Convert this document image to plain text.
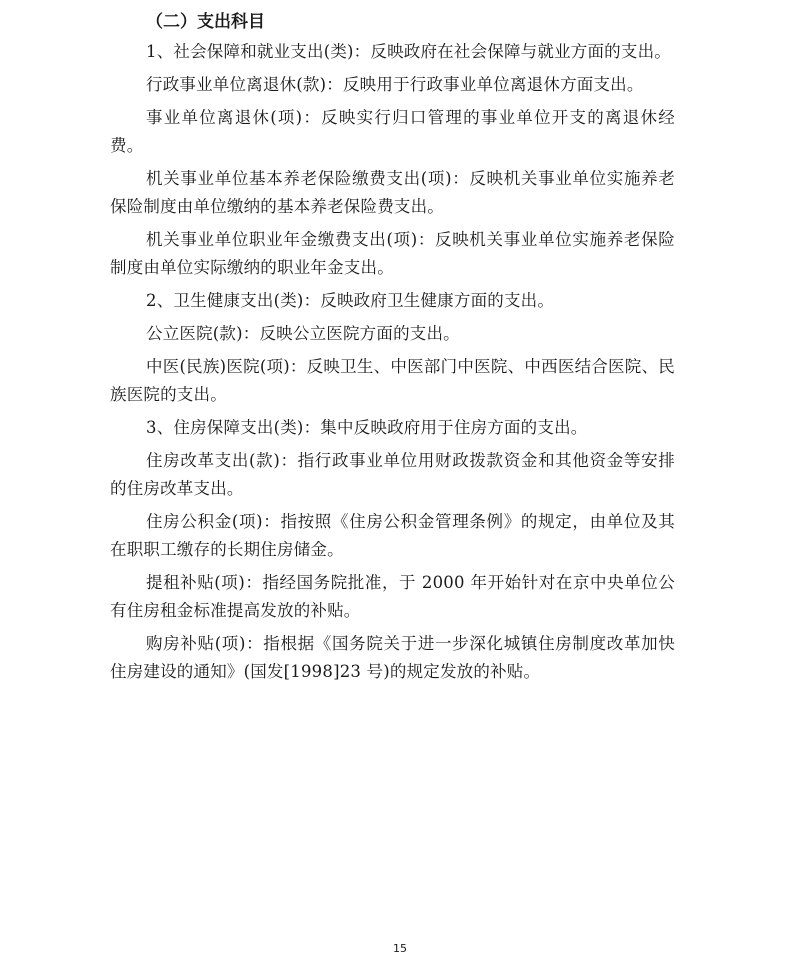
（二）支出科目

1、社会保障和就业支出(类)：反映政府在社会保障与就业方面的支出。

行政事业单位离退休(款)：反映用于行政事业单位离退休方面支出。

事业单位离退休(项)：反映实行归口管理的事业单位开支的离退休经费。

机关事业单位基本养老保险缴费支出(项)：反映机关事业单位实施养老保险制度由单位缴纳的基本养老保险费支出。

机关事业单位职业年金缴费支出(项)：反映机关事业单位实施养老保险制度由单位实际缴纳的职业年金支出。

2、卫生健康支出(类)：反映政府卫生健康方面的支出。

公立医院(款)：反映公立医院方面的支出。

中医(民族)医院(项)：反映卫生、中医部门中医院、中西医结合医院、民族医院的支出。

3、住房保障支出(类)：集中反映政府用于住房方面的支出。

住房改革支出(款)：指行政事业单位用财政拨款资金和其他资金等安排的住房改革支出。

住房公积金(项)：指按照《住房公积金管理条例》的规定，由单位及其在职职工缴存的长期住房储金。

提租补贴(项)：指经国务院批准，于 2000 年开始针对在京中央单位公有住房租金标准提高发放的补贴。

购房补贴(项)：指根据《国务院关于进一步深化城镇住房制度改革加快住房建设的通知》(国发[1998]23 号)的规定发放的补贴。

15
